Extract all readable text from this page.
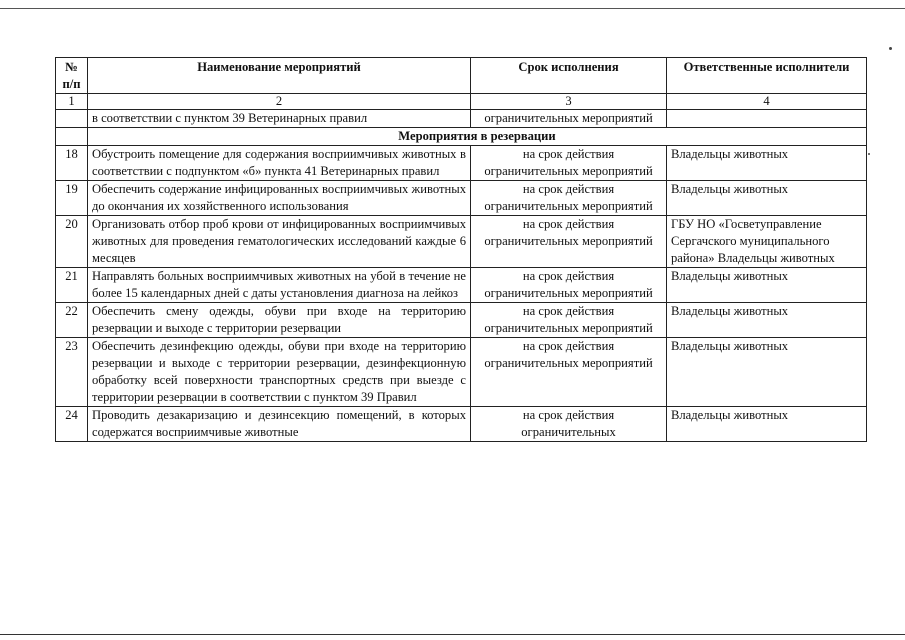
№ п/п	Наименование мероприятий	Срок исполнения	Ответственные исполнители
1	2	3	4
	в соответствии с пунктом 39 Ветеринарных правил	ограничительных мероприятий	
	Мероприятия в резервации		
18	Обустроить помещение для содержания восприимчивых животных в соответствии с подпунктом «б» пункта 41 Ветеринарных правил	на срок действия ограничительных мероприятий	Владельцы животных
19	Обеспечить содержание инфицированных восприимчивых животных до окончания их хозяйственного использования	на срок действия ограничительных мероприятий	Владельцы животных
20	Организовать отбор проб крови от инфицированных восприимчивых животных для проведения гематологических исследований каждые 6 месяцев	на срок действия ограничительных мероприятий	ГБУ НО «Госветуправление Сергачского муниципального района» Владельцы животных
21	Направлять больных восприимчивых животных на убой в течение не более 15 календарных дней с даты установления диагноза на лейкоз	на срок действия ограничительных мероприятий	Владельцы животных
22	Обеспечить смену одежды, обуви при входе на территорию резервации и выходе с территории резервации	на срок действия ограничительных мероприятий	Владельцы животных
23	Обеспечить дезинфекцию одежды, обуви при входе на территорию резервации и выходе с территории резервации, дезинфекционную обработку всей поверхности транспортных средств при выезде с территории резервации в соответствии с пунктом 39 Правил	на срок действия ограничительных мероприятий	Владельцы животных
24	Проводить дезакаризацию и дезинсекцию помещений, в которых содержатся восприимчивые животные	на срок действия ограничительных	Владельцы животных
